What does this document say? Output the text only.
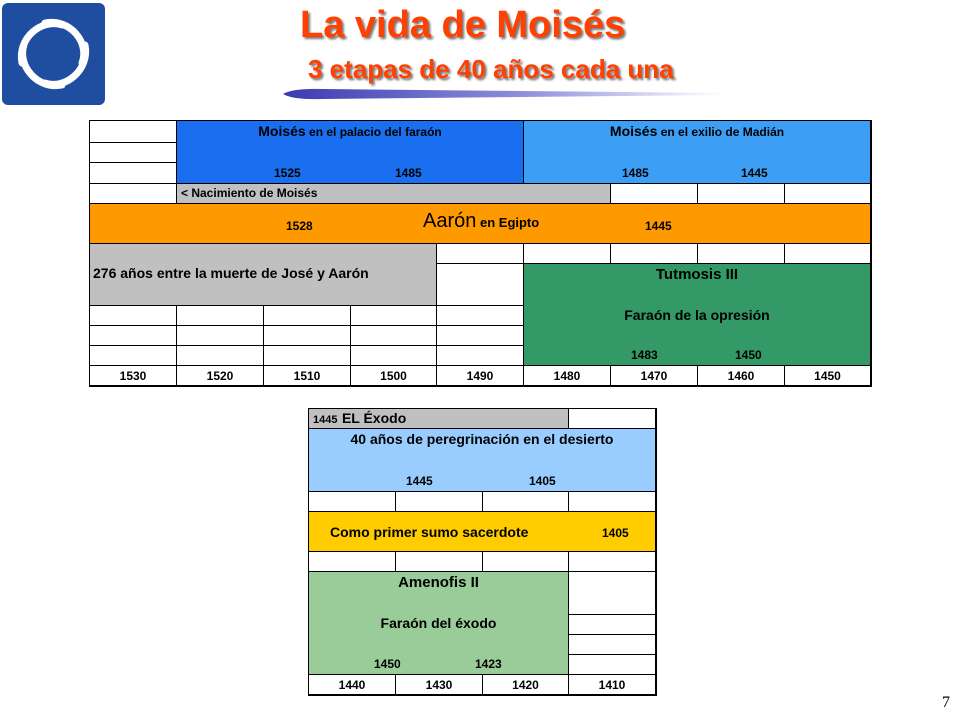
La vida de Moisés
3 etapas de 40 años cada una
Moisés en el palacio del faraón
1525	1485
Moisés en el exilio de Madián
1485	1445
< Nacimiento de Moisés
1528	Aarón en Egipto	1445
276 años entre la muerte de José y Aarón	Tutmosis III
Faraón de la opresión
1483	1450
1530	1520	1510	1500	1490	1480	1470	1460	1450
1445 EL Éxodo
40 años de peregrinación en el desierto
1445	1405
Como primer sumo sacerdote	1405
Amenofis II
Faraón del éxodo
1450	1423
1440	1430	1420	1410
7
